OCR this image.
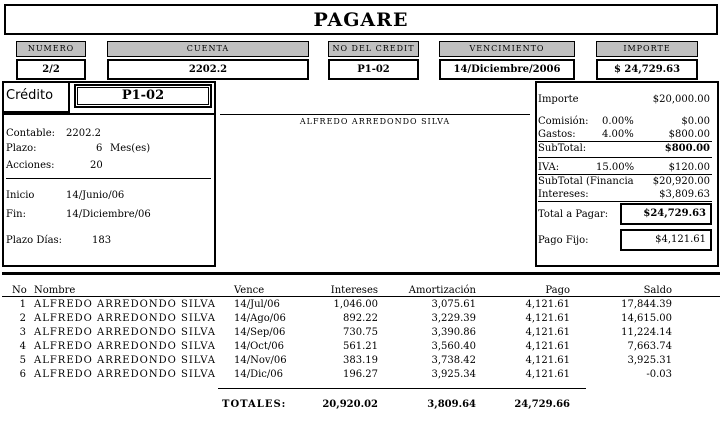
PAGARE
NUMERO	CUENTA	NO DEL CREDIT	VENCIMIENTO	IMPORTE
2/2	2202.2	P1-02	14/Diciembre/2006	$ 24,729.63
Crédito	P1-02
Contable: 2202.2
Plazo:	6 Mes(es)
Acciones:	20
Inicio	14/Junio/06
Fin:	14/Diciembre/06
Plazo Días:	183
ALFREDO ARREDONDO SILVA
Importe	$20,000.00
Comisión: 0.00%	$0.00
Gastos:	4.00%	$800.00
SubTotal:	$800.00
IVA:	15.00%	$120.00
SubTotal (Financia	$20,920.00
Intereses:	$3,809.63
Total a Pagar:	$24,729.63
Pago Fijo:	$4,121.61
No Nombre	Vence	Intereses	Amortización	Pago	Saldo
1 ALFREDO ARREDONDO SILVA	14/Jul/06	1,046.00	3,075.61	4,121.61	17,844.39
2 ALFREDO ARREDONDO SILVA	14/Ago/06	892.22	3,229.39	4,121.61	14,615.00
3 ALFREDO ARREDONDO SILVA	14/Sep/06	730.75	3,390.86	4,121.61	11,224.14
4 ALFREDO ARREDONDO SILVA	14/Oct/06	561.21	3,560.40	4,121.61	7,663.74
5 ALFREDO ARREDONDO SILVA	14/Nov/06	383.19	3,738.42	4,121.61	3,925.31
6 ALFREDO ARREDONDO SILVA	14/Dic/06	196.27	3,925.34	4,121.61	-0.03
TOTALES:	20,920.02	3,809.64	24,729.66
